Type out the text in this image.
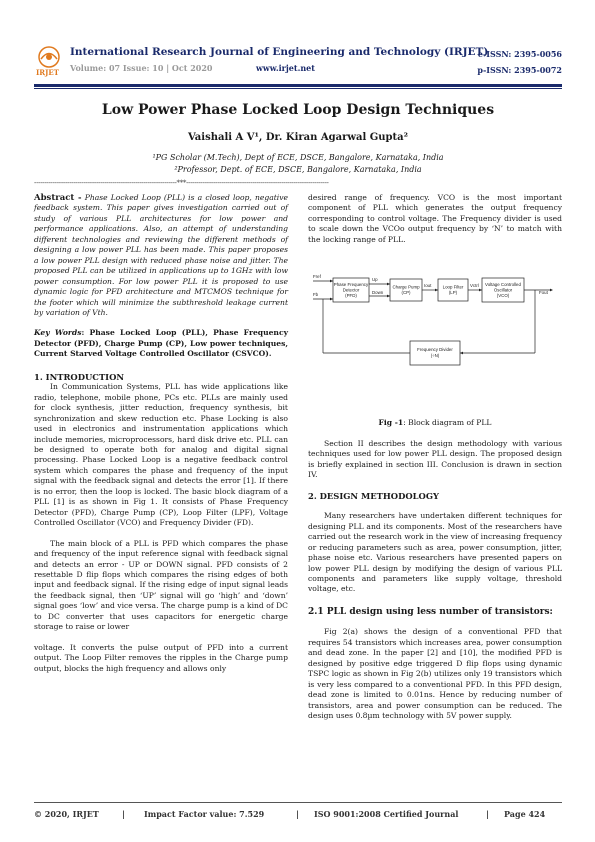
IRJET
International Research Journal of Engineering and Technology (IRJET)
Volume: 07 Issue: 10 | Oct 2020	www.irjet.net
e-ISSN: 2395-0056
p-ISSN: 2395-0072
Low Power Phase Locked Loop Design Techniques
Vaishali A V¹, Dr. Kiran Agarwal Gupta²
¹PG Scholar (M.Tech), Dept of ECE, DSCE, Bangalore, Karnataka, India
²Professor, Dept. of ECE, DSCE, Bangalore, Karnataka, India
---------------------------------------------------------------------***---------------------------------------------------------------------

Abstract - Phase Locked Loop (PLL) is a closed loop, negative feedback system. This paper gives investigation carried out of study of various PLL architectures for low power and performance applications. Also, an attempt of understanding different technologies and reviewing the different methods of designing a low power PLL has been made. This paper proposes a low power PLL design with reduced phase noise and jitter. The proposed PLL can be utilized in applications up to 1GHz with low power consumption. For low power PLL it is proposed to use dynamic logic for PFD architecture and MTCMOS technique for the footer which will minimize the subthreshold leakage current by variation of Vth.

Key Words: Phase Locked Loop (PLL), Phase Frequency Detector (PFD), Charge Pump (CP), Low power techniques, Current Starved Voltage Controlled Oscillator (CSVCO).

1. INTRODUCTION

In Communication Systems, PLL has wide applications like radio, telephone, mobile phone, PCs etc. PLLs are mainly used for clock synthesis, jitter reduction, frequency synthesis, bit synchronization and skew reduction etc. Phase Locking is also used in electronics and instrumentation applications which include memories, microprocessors, hard disk drive etc. PLL can be designed to operate both for analog and digital signal processing. Phase Locked Loop is a negative feedback control system which compares the phase and frequency of the input signal with the feedback signal and detects the error [1]. If there is no error, then the loop is locked. The basic block diagram of a PLL [1] is as shown in Fig 1. It consists of Phase Frequency Detector (PFD), Charge Pump (CP), Loop Filter (LPF), Voltage Controlled Oscillator (VCO) and Frequency Divider (FD).

The main block of a PLL is PFD which compares the phase and frequency of the input reference signal with feedback signal and detects an error - UP or DOWN signal. PFD consists of 2 resettable D flip flops which compares the rising edges of both input and feedback signal. If the rising edge of input signal leads the feedback signal, then ‘UP’ signal will go ‘high’ and ‘down’ signal goes ‘low’ and vice versa. The charge pump is a kind of DC to DC converter that uses capacitors for energetic charge storage to raise or lower

voltage. It converts the pulse output of PFD into a current output. The Loop Filter removes the ripples in the Charge pump output, blocks the high frequency and allows only

desired range of frequency. VCO is the most important component of PLL which generates the output frequency corresponding to control voltage. The Frequency divider is used to scale down the VCOo output frequency by ‘N’ to match with the locking range of PLL.

Fref
Fb
Up
Down
Iout	Vctrl
Fout
Phase Frequency
Detector
(PFD)
Charge Pump
(CP)
Loop Filter
(LP)
Voltage Controlled
Oscillator
(VCO)
Frequency Divider
(÷N)
Fig -1: Block diagram of PLL

Section II describes the design methodology with various techniques used for low power PLL design. The proposed design is briefly explained in section III. Conclusion is drawn in section IV.

2. DESIGN METHODOLOGY

Many researchers have undertaken different techniques for designing PLL and its components. Most of the researchers have carried out the research work in the view of increasing frequency or reducing parameters such as area, power consumption, jitter, phase noise etc. Various researchers have presented papers on low power PLL design by modifying the design of various PLL components and parameters like supply voltage, threshold voltage, etc.

2.1 PLL design using less number of transistors:

Fig 2(a) shows the design of a conventional PFD that requires 54 transistors which increases area, power consumption and dead zone. In the paper [2] and [10], the modified PFD is designed by positive edge triggered D flip flops using dynamic TSPC logic as shown in Fig 2(b) utilizes only 19 transistors which is very less compared to a conventional PFD. In this PFD design, dead zone is limited to 0.01ns. Hence by reducing number of transistors, area and power consumption can be reduced. The design uses 0.8µm technology with 5V power supply.

© 2020, IRJET	| Impact Factor value: 7.529	| ISO 9001:2008 Certified Journal	| Page 424
